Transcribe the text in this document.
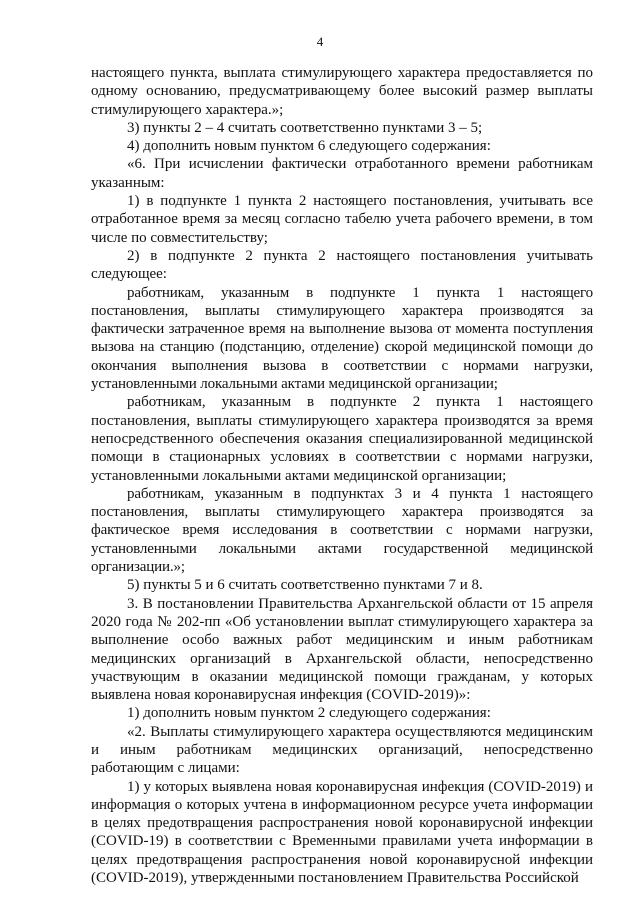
4

настоящего пункта, выплата стимулирующего характера предоставляется по одному основанию, предусматривающему более высокий размер выплаты стимулирующего характера.»;

3) пункты 2 – 4 считать соответственно пунктами 3 – 5;

4) дополнить новым пунктом 6 следующего содержания:

«6. При исчислении фактически отработанного времени работникам указанным:

1) в подпункте 1 пункта 2 настоящего постановления, учитывать все отработанное время за месяц согласно табелю учета рабочего времени, в том числе по совместительству;

2) в подпункте 2 пункта 2 настоящего постановления учитывать следующее:

работникам, указанным в подпункте 1 пункта 1 настоящего постановления, выплаты стимулирующего характера производятся за фактически затраченное время на выполнение вызова от момента поступления вызова на станцию (подстанцию, отделение) скорой медицинской помощи до окончания выполнения вызова в соответствии с нормами нагрузки, установленными локальными актами медицинской организации;

работникам, указанным в подпункте 2 пункта 1 настоящего постановления, выплаты стимулирующего характера производятся за время непосредственного обеспечения оказания специализированной медицинской помощи в стационарных условиях в соответствии с нормами нагрузки, установленными локальными актами медицинской организации;

работникам, указанным в подпунктах 3 и 4 пункта 1 настоящего постановления, выплаты стимулирующего характера производятся за фактическое время исследования в соответствии с нормами нагрузки, установленными локальными актами государственной медицинской организации.»;

5) пункты 5 и 6 считать соответственно пунктами 7 и 8.

3. В постановлении Правительства Архангельской области от 15 апреля 2020 года № 202-пп «Об установлении выплат стимулирующего характера за выполнение особо важных работ медицинским и иным работникам медицинских организаций в Архангельской области, непосредственно участвующим в оказании медицинской помощи гражданам, у которых выявлена новая коронавирусная инфекция (COVID-2019)»:

1) дополнить новым пунктом 2 следующего содержания:

«2. Выплаты стимулирующего характера осуществляются медицинским и иным работникам медицинских организаций, непосредственно работающим с лицами:

1) у которых выявлена новая коронавирусная инфекция (COVID-2019) и информация о которых учтена в информационном ресурсе учета информации в целях предотвращения распространения новой коронавирусной инфекции (COVID-19) в соответствии с Временными правилами учета информации в целях предотвращения распространения новой коронавирусной инфекции (COVID-2019), утвержденными постановлением Правительства Российской
